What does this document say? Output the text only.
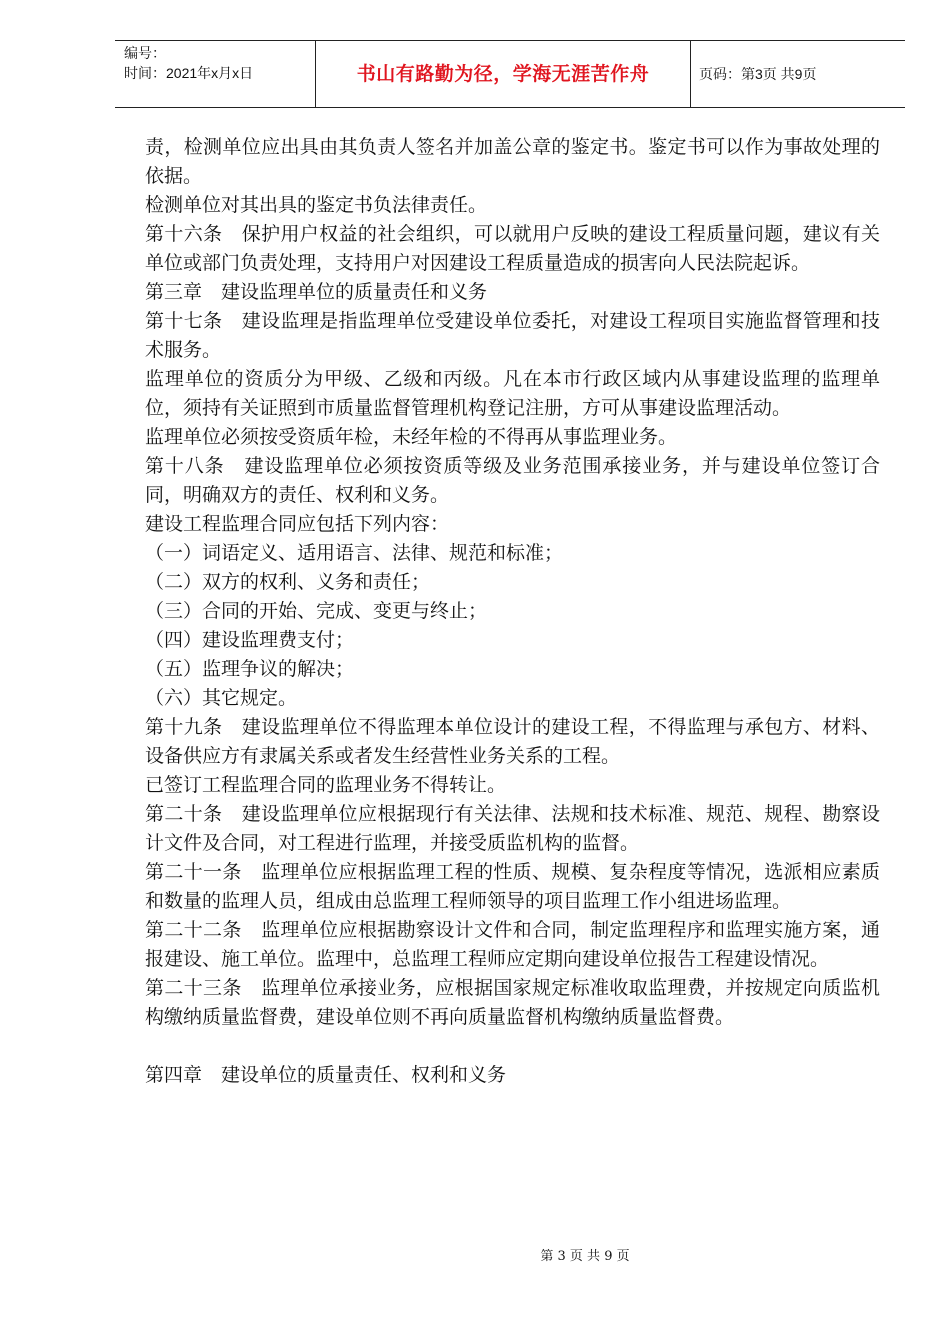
编号：
时间：2021年x月x日	书山有路勤为径，学海无涯苦作舟	页码：第3页 共9页

责，检测单位应出具由其负责人签名并加盖公章的鉴定书。鉴定书可以作为事故处理的依据。

检测单位对其出具的鉴定书负法律责任。

第十六条　保护用户权益的社会组织，可以就用户反映的建设工程质量问题，建议有关单位或部门负责处理，支持用户对因建设工程质量造成的损害向人民法院起诉。

第三章　建设监理单位的质量责任和义务

第十七条　建设监理是指监理单位受建设单位委托，对建设工程项目实施监督管理和技术服务。

监理单位的资质分为甲级、乙级和丙级。凡在本市行政区域内从事建设监理的监理单位，须持有关证照到市质量监督管理机构登记注册，方可从事建设监理活动。

监理单位必须按受资质年检，未经年检的不得再从事监理业务。

第十八条　建设监理单位必须按资质等级及业务范围承接业务，并与建设单位签订合同，明确双方的责任、权利和义务。

建设工程监理合同应包括下列内容：

（一）词语定义、适用语言、法律、规范和标准；

（二）双方的权利、义务和责任；

（三）合同的开始、完成、变更与终止；

（四）建设监理费支付；

（五）监理争议的解决；

（六）其它规定。

第十九条　建设监理单位不得监理本单位设计的建设工程，不得监理与承包方、材料、设备供应方有隶属关系或者发生经营性业务关系的工程。

已签订工程监理合同的监理业务不得转让。

第二十条　建设监理单位应根据现行有关法律、法规和技术标准、规范、规程、勘察设计文件及合同，对工程进行监理，并接受质监机构的监督。

第二十一条　监理单位应根据监理工程的性质、规模、复杂程度等情况，选派相应素质和数量的监理人员，组成由总监理工程师领导的项目监理工作小组进场监理。

第二十二条　监理单位应根据勘察设计文件和合同，制定监理程序和监理实施方案，通报建设、施工单位。监理中，总监理工程师应定期向建设单位报告工程建设情况。

第二十三条　监理单位承接业务，应根据国家规定标准收取监理费，并按规定向质监机构缴纳质量监督费，建设单位则不再向质量监督机构缴纳质量监督费。

第四章　建设单位的质量责任、权利和义务

第 3 页 共 9 页
